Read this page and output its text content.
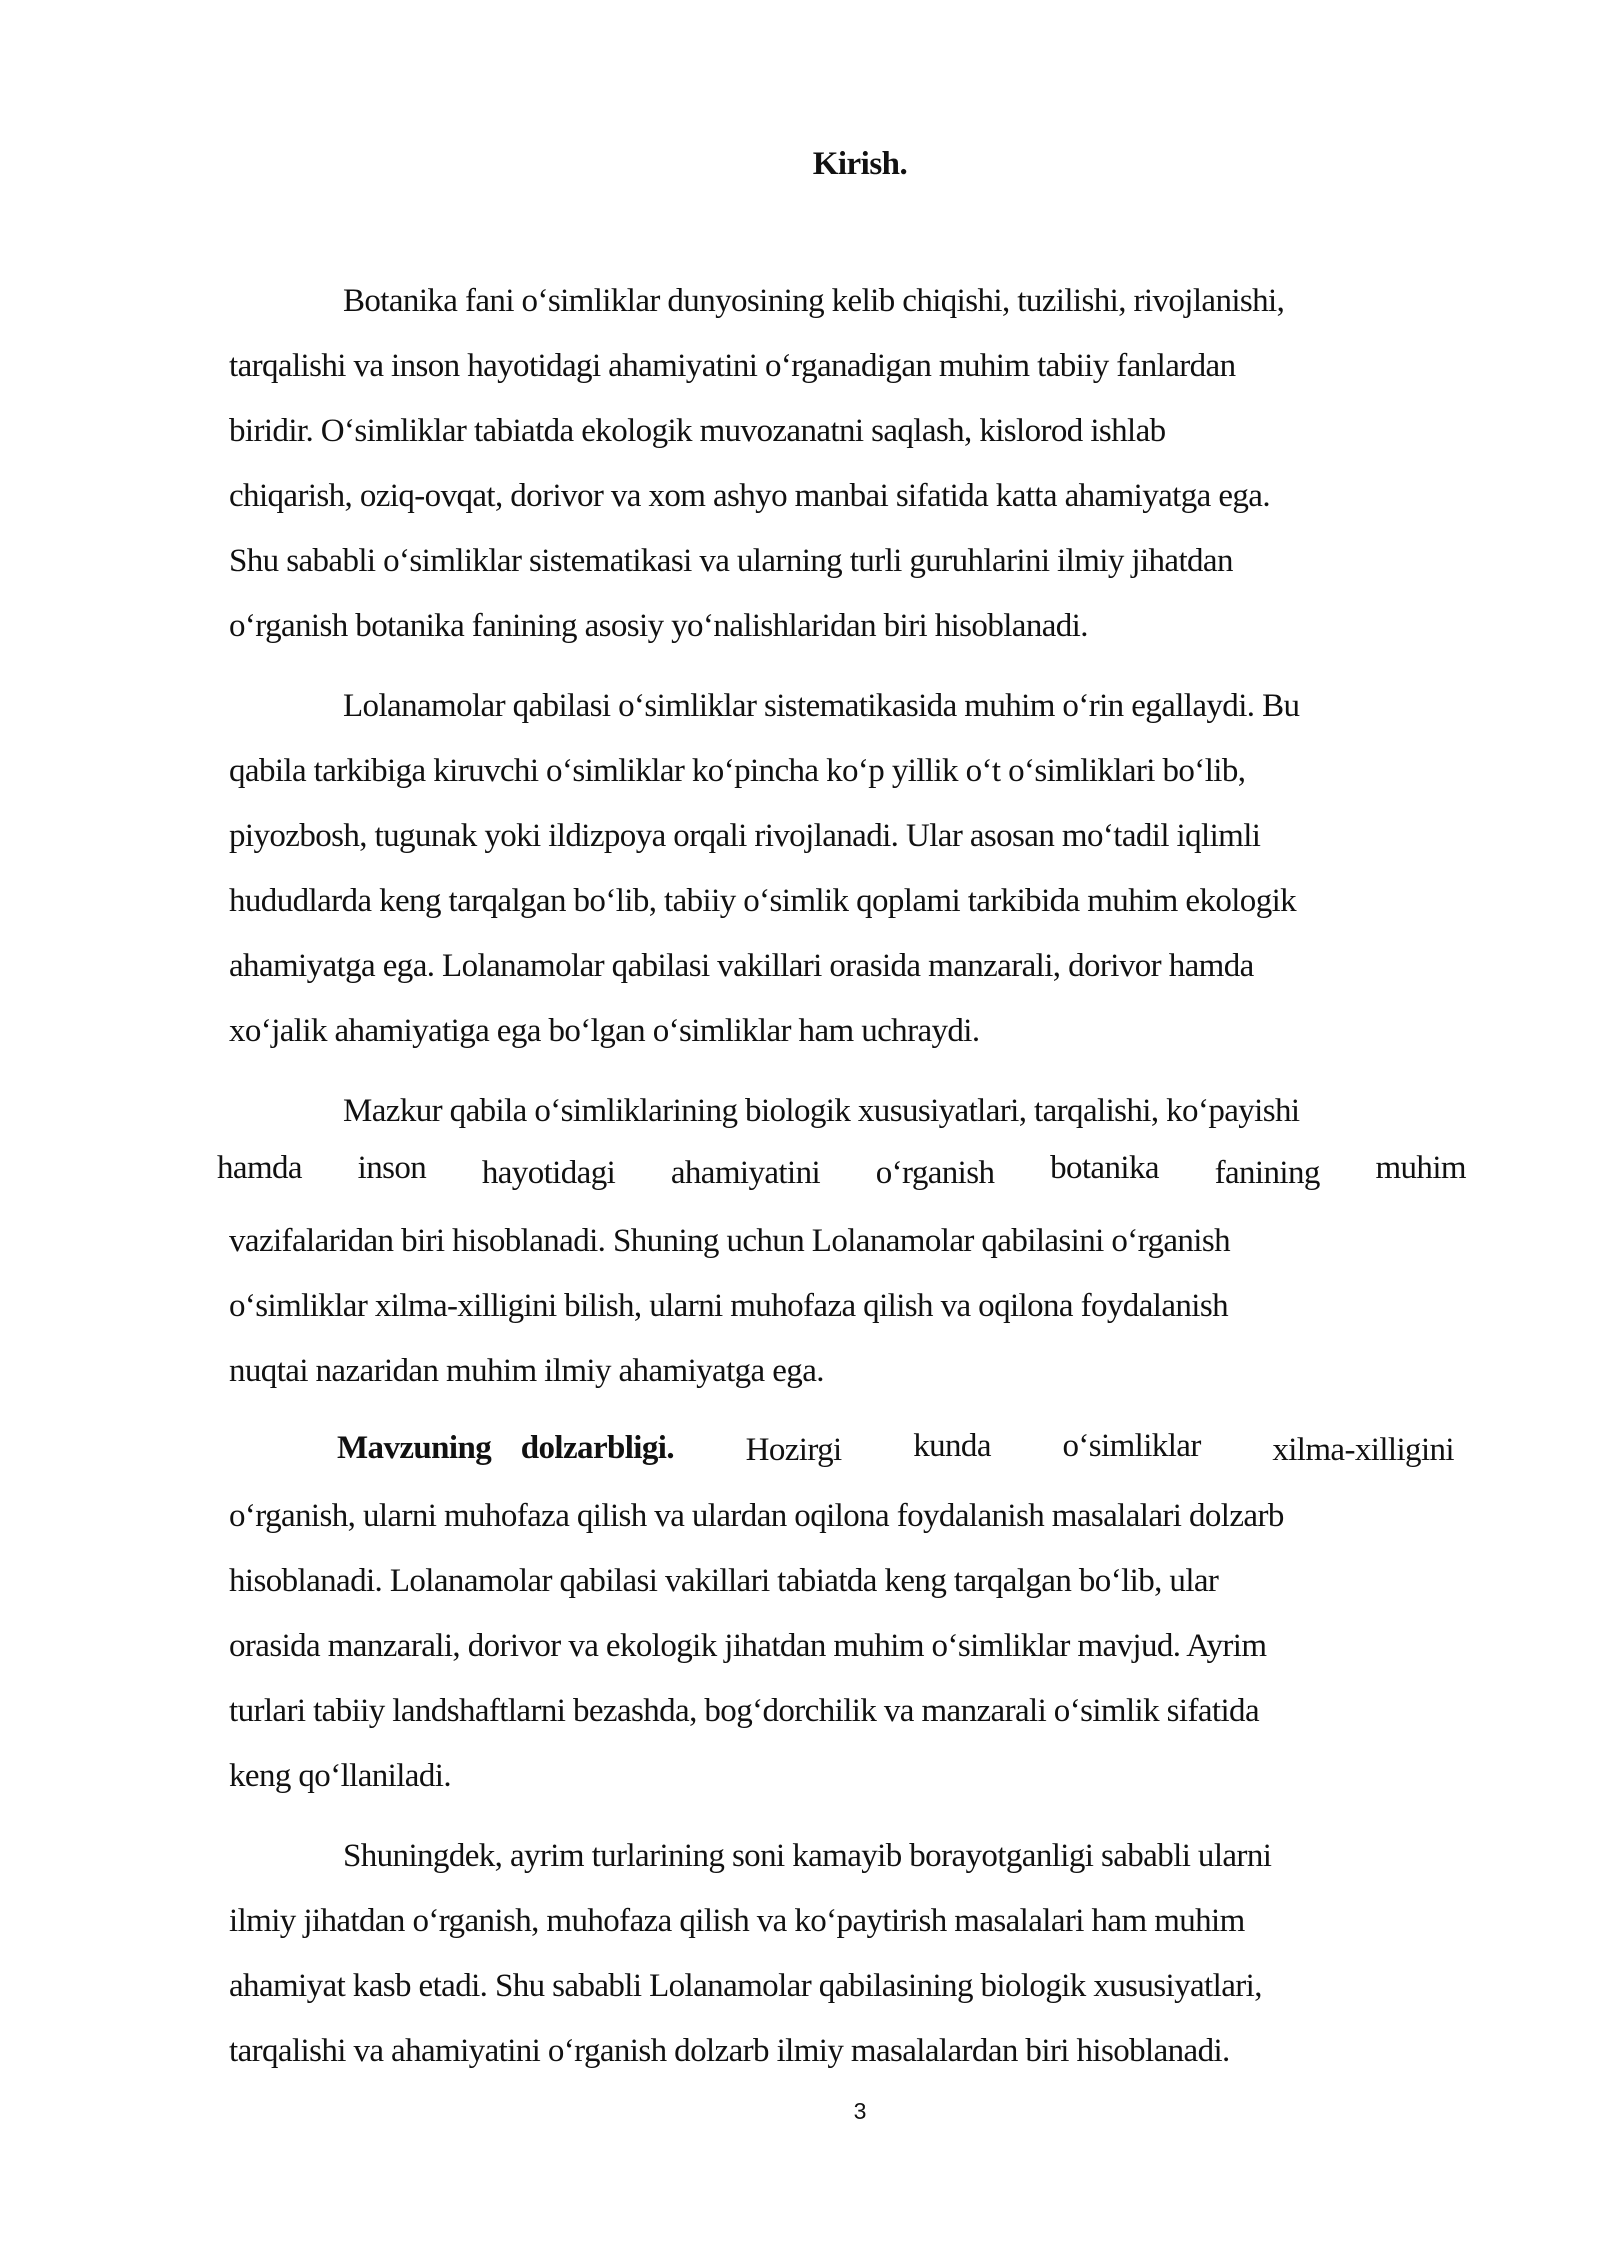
Kirish.
Botanika fani o‘simliklar dunyosining kelib chiqishi, tuzilishi, rivojlanishi,
tarqalishi va inson hayotidagi ahamiyatini o‘rganadigan muhim tabiiy fanlardan
biridir. O‘simliklar tabiatda ekologik muvozanatni saqlash, kislorod ishlab
chiqarish, oziq-ovqat, dorivor va xom ashyo manbai sifatida katta ahamiyatga ega.
Shu sababli o‘simliklar sistematikasi va ularning turli guruhlarini ilmiy jihatdan
o‘rganish botanika fanining asosiy yo‘nalishlaridan biri hisoblanadi.
Lolanamolar qabilasi o‘simliklar sistematikasida muhim o‘rin egallaydi. Bu
qabila tarkibiga kiruvchi o‘simliklar ko‘pincha ko‘p yillik o‘t o‘simliklari bo‘lib,
piyozbosh, tugunak yoki ildizpoya orqali rivojlanadi. Ular asosan mo‘tadil iqlimli
hududlarda keng tarqalgan bo‘lib, tabiiy o‘simlik qoplami tarkibida muhim ekologik
ahamiyatga ega. Lolanamolar qabilasi vakillari orasida manzarali, dorivor hamda
xo‘jalik ahamiyatiga ega bo‘lgan o‘simliklar ham uchraydi.
Mazkur qabila o‘simliklarining biologik xususiyatlari, tarqalishi, ko‘payishi
hamda inson hayotidagi ahamiyatini o‘rganish botanika fanining muhim
vazifalaridan biri hisoblanadi. Shuning uchun Lolanamolar qabilasini o‘rganish
o‘simliklar xilma-xilligini bilish, ularni muhofaza qilish va oqilona foydalanish
nuqtai nazaridan muhim ilmiy ahamiyatga ega.
Mavzuning dolzarbligi. Hozirgi kunda o‘simliklar xilma-xilligini
o‘rganish, ularni muhofaza qilish va ulardan oqilona foydalanish masalalari dolzarb
hisoblanadi. Lolanamolar qabilasi vakillari tabiatda keng tarqalgan bo‘lib, ular
orasida manzarali, dorivor va ekologik jihatdan muhim o‘simliklar mavjud. Ayrim
turlari tabiiy landshaftlarni bezashda, bog‘dorchilik va manzarali o‘simlik sifatida
keng qo‘llaniladi.
Shuningdek, ayrim turlarining soni kamayib borayotganligi sababli ularni
ilmiy jihatdan o‘rganish, muhofaza qilish va ko‘paytirish masalalari ham muhim
ahamiyat kasb etadi. Shu sababli Lolanamolar qabilasining biologik xususiyatlari,
tarqalishi va ahamiyatini o‘rganish dolzarb ilmiy masalalardan biri hisoblanadi.
3
